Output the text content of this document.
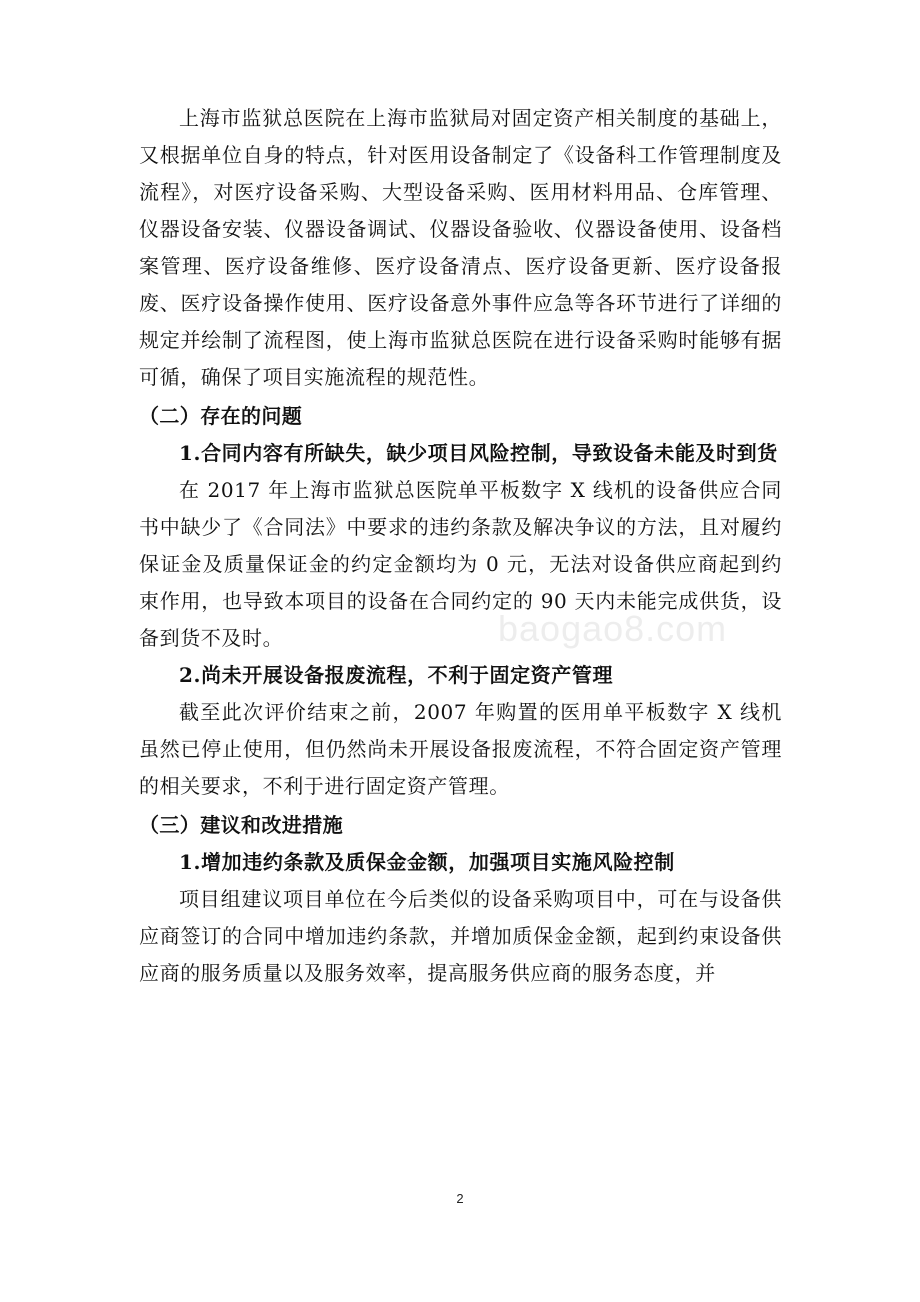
上海市监狱总医院在上海市监狱局对固定资产相关制度的基础上，又根据单位自身的特点，针对医用设备制定了《设备科工作管理制度及流程》，对医疗设备采购、大型设备采购、医用材料用品、仓库管理、仪器设备安装、仪器设备调试、仪器设备验收、仪器设备使用、设备档案管理、医疗设备维修、医疗设备清点、医疗设备更新、医疗设备报废、医疗设备操作使用、医疗设备意外事件应急等各环节进行了详细的规定并绘制了流程图，使上海市监狱总医院在进行设备采购时能够有据可循，确保了项目实施流程的规范性。

（二）存在的问题

1.合同内容有所缺失，缺少项目风险控制，导致设备未能及时到货

在 2017 年上海市监狱总医院单平板数字 X 线机的设备供应合同书中缺少了《合同法》中要求的违约条款及解决争议的方法，且对履约保证金及质量保证金的约定金额均为 0 元，无法对设备供应商起到约束作用，也导致本项目的设备在合同约定的 90 天内未能完成供货，设备到货不及时。

2.尚未开展设备报废流程，不利于固定资产管理

截至此次评价结束之前，2007 年购置的医用单平板数字 X 线机虽然已停止使用，但仍然尚未开展设备报废流程，不符合固定资产管理的相关要求，不利于进行固定资产管理。

（三）建议和改进措施

1.增加违约条款及质保金金额，加强项目实施风险控制

项目组建议项目单位在今后类似的设备采购项目中，可在与设备供应商签订的合同中增加违约条款，并增加质保金金额，起到约束设备供应商的服务质量以及服务效率，提高服务供应商的服务态度，并

baogao8.com
2
